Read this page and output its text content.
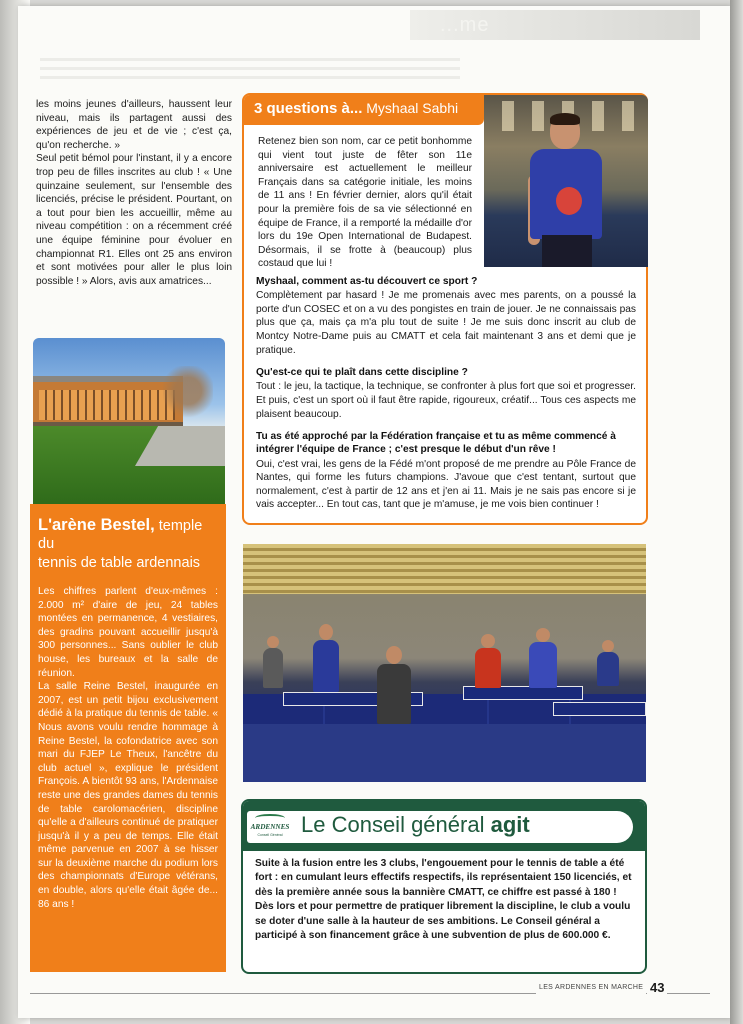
...me

les moins jeunes d'ailleurs, haussent leur niveau, mais ils partagent aussi des expériences de jeu et de vie ; c'est ça, qu'on recherche. »

Seul petit bémol pour l'instant, il y a encore trop peu de filles inscrites au club ! « Une quinzaine seulement, sur l'ensemble des licenciés, précise le président. Pourtant, on a tout pour bien les accueillir, même au niveau compétition : on a récemment créé une équipe féminine pour évoluer en championnat R1. Elles ont 25 ans environ et sont motivées pour aller le plus loin possible ! » Alors, avis aux amatrices...

L'arène Bestel, temple du
tennis de table ardennais

Les chiffres parlent d'eux-mêmes : 2.000 m² d'aire de jeu, 24 tables montées en permanence, 4 vestiaires, des gradins pouvant accueillir jusqu'à 300 personnes... Sans oublier le club house, les bureaux et la salle de réunion.

La salle Reine Bestel, inaugurée en 2007, est un petit bijou exclusivement dédié à la pratique du tennis de table. « Nous avons voulu rendre hommage à Reine Bestel, la cofondatrice avec son mari du FJEP Le Theux, l'ancêtre du club actuel », explique le président François. A bientôt 93 ans, l'Ardennaise reste une des grandes dames du tennis de table carolomacérien, discipline qu'elle a d'ailleurs continué de pratiquer jusqu'à il y a peu de temps. Elle était même parvenue en 2007 à se hisser sur la deuxième marche du podium lors des championnats d'Europe vétérans, en double, alors qu'elle était âgée de... 86 ans !

3 questions à... Myshaal Sabhi

Retenez bien son nom, car ce petit bonhomme qui vient tout juste de fêter son 11e anniversaire est actuellement le meilleur Français dans sa catégorie initiale, les moins de 11 ans ! En février dernier, alors qu'il était pour la première fois de sa vie sélectionné en équipe de France, il a remporté la médaille d'or lors du 19e Open International de Budapest. Désormais, il se frotte à (beaucoup) plus costaud que lui !

Myshaal, comment as-tu découvert ce sport ?

Complètement par hasard ! Je me promenais avec mes parents, on a poussé la porte d'un COSEC et on a vu des pongistes en train de jouer. Je ne connaissais pas plus que ça, mais ça m'a plu tout de suite ! Je me suis donc inscrit au club de Montcy Notre-Dame puis au CMATT et cela fait maintenant 3 ans et demi que je pratique.

Qu'est-ce qui te plaît dans cette discipline ?

Tout : le jeu, la tactique, la technique, se confronter à plus fort que soi et progresser. Et puis, c'est un sport où il faut être rapide, rigoureux, créatif... Tous ces aspects me plaisent beaucoup.

Tu as été approché par la Fédération française et tu as même commencé à intégrer l'équipe de France ; c'est presque le début d'un rêve !

Oui, c'est vrai, les gens de la Fédé m'ont proposé de me prendre au Pôle France de Nantes, qui forme les futurs champions. J'avoue que c'est tentant, surtout que normalement, c'est à partir de 12 ans et j'en ai 11. Mais je ne sais pas encore si je vais accepter... En tout cas, tant que je m'amuse, je me vois bien continuer !

ARDENNES
Conseil Général Le Conseil général agit

Suite à la fusion entre les 3 clubs, l'engouement pour le tennis de table a été fort : en cumulant leurs effectifs respectifs, ils représentaient 150 licenciés, et dès la première année sous la bannière CMATT, ce chiffre est passé à 180 ! Dès lors et pour permettre de pratiquer librement la discipline, le club a voulu se doter d'une salle à la hauteur de ses ambitions. Le Conseil général a participé à son financement grâce à une subvention de plus de 600.000 €.

LES ARDENNES EN MARCHE 43
